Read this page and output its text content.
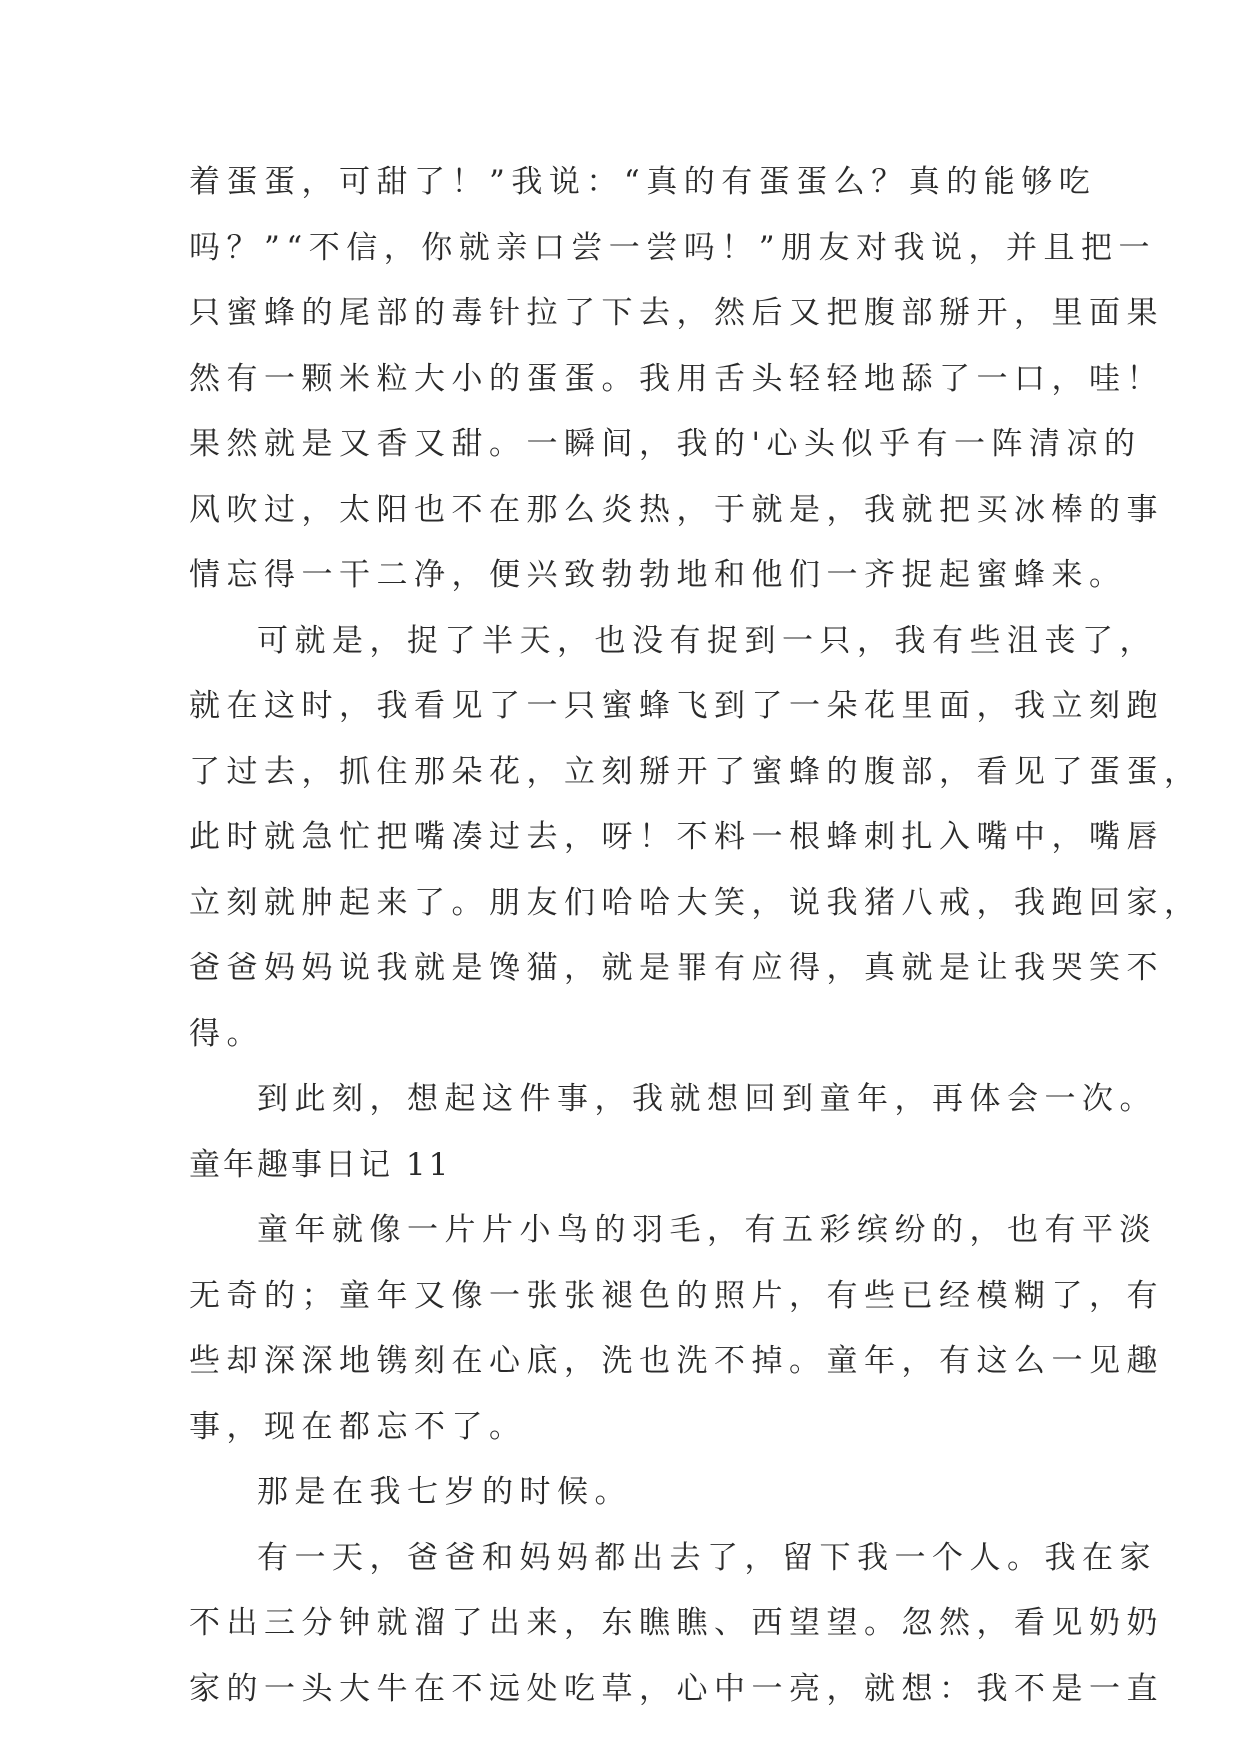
着蛋蛋，可甜了！”我说：“真的有蛋蛋么？真的能够吃
吗？”“不信，你就亲口尝一尝吗！”朋友对我说，并且把一
只蜜蜂的尾部的毒针拉了下去，然后又把腹部掰开，里面果
然有一颗米粒大小的蛋蛋。我用舌头轻轻地舔了一口，哇！
果然就是又香又甜。一瞬间，我的'心头似乎有一阵清凉的
风吹过，太阳也不在那么炎热，于就是，我就把买冰棒的事
情忘得一干二净，便兴致勃勃地和他们一齐捉起蜜蜂来。
可就是，捉了半天，也没有捉到一只，我有些沮丧了，
就在这时，我看见了一只蜜蜂飞到了一朵花里面，我立刻跑
了过去，抓住那朵花，立刻掰开了蜜蜂的腹部，看见了蛋蛋，
此时就急忙把嘴凑过去，呀！不料一根蜂刺扎入嘴中，嘴唇
立刻就肿起来了。朋友们哈哈大笑，说我猪八戒，我跑回家，
爸爸妈妈说我就是馋猫，就是罪有应得，真就是让我哭笑不
得。
到此刻，想起这件事，我就想回到童年，再体会一次。
童年趣事日记 11
童年就像一片片小鸟的羽毛，有五彩缤纷的，也有平淡
无奇的；童年又像一张张褪色的照片，有些已经模糊了，有
些却深深地镌刻在心底，洗也洗不掉。童年，有这么一见趣
事，现在都忘不了。
那是在我七岁的时候。
有一天，爸爸和妈妈都出去了，留下我一个人。我在家
不出三分钟就溜了出来，东瞧瞧、西望望。忽然，看见奶奶
家的一头大牛在不远处吃草，心中一亮，就想：我不是一直
